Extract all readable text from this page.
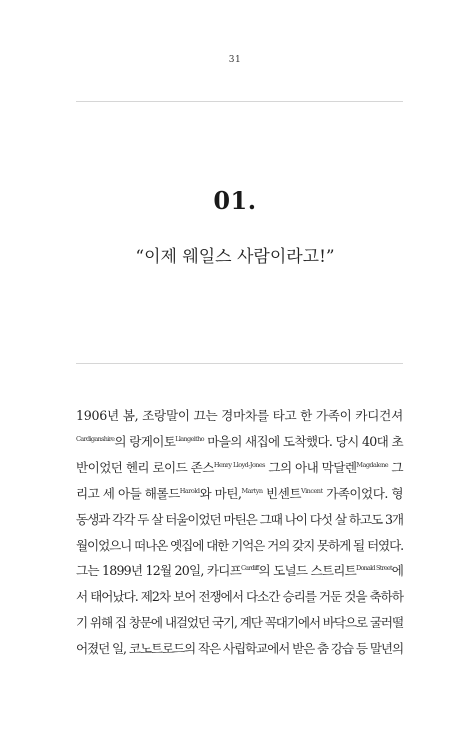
31
01.
“이제 웨일스 사람이라고!”
1906년 봄, 조랑말이 끄는 경마차를 타고 한 가족이 카디건셔
$^{Cardiganshire}$의 랑게이토$^{Llangeitho}$ 마을의 새집에 도착했다. 당시 40대 초
반이었던 헨리 로이드 존스$^{Henry Lloyd-Jones}$ 그의 아내 막달렌$^{Magdalene}$ 그
리고 세 아들 해롤드$^{Harold}$와 마틴,$^{Martyn}$ 빈센트$^{Vincent}$ 가족이었다. 형
동생과 각각 두 살 터울이었던 마틴은 그때 나이 다섯 살 하고도 3개
월이었으니 떠나온 옛집에 대한 기억은 거의 갖지 못하게 될 터였다.
그는 1899년 12월 20일, 카디프$^{Cardiff}$의 도널드 스트리트$^{Donald Street}$에
서 태어났다. 제2차 보어 전쟁에서 다소간 승리를 거둔 것을 축하하
기 위해 집 창문에 내걸었던 국기, 계단 꼭대기에서 바닥으로 굴러떨
어졌던 일, 코노트로드의 작은 사립학교에서 받은 춤 강습 등 말년의
